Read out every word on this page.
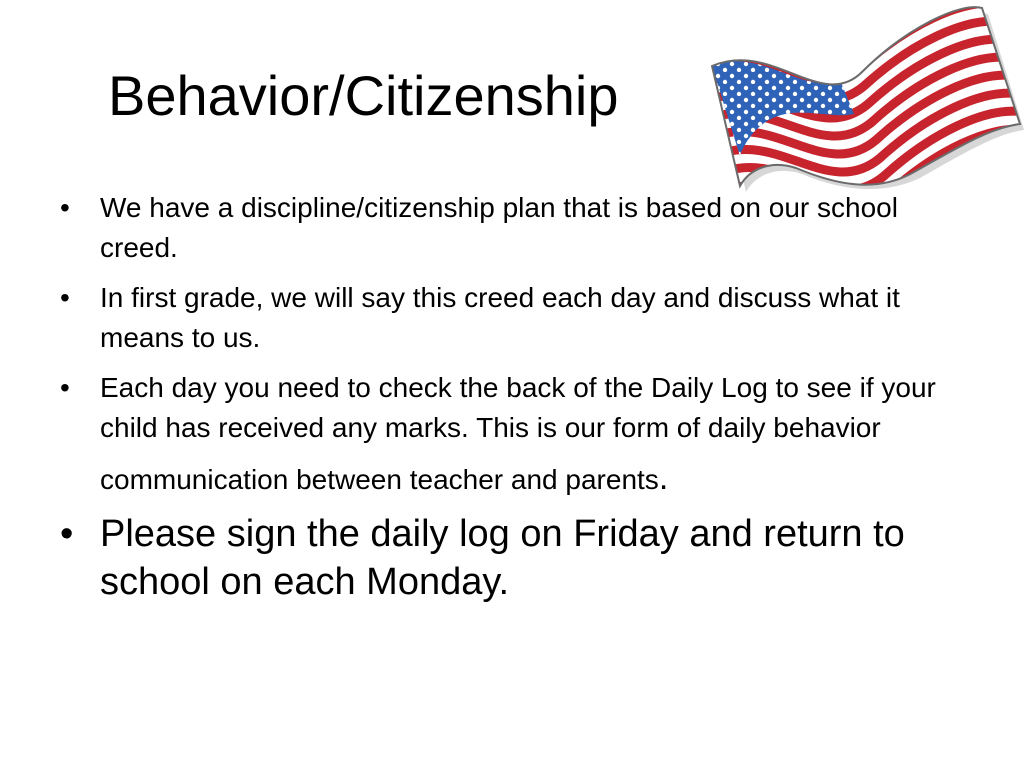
Behavior/Citizenship
• We have a discipline/citizenship plan that is based on our school creed.
• In first grade, we will say this creed each day and discuss what it means to us.
• Each day you need to check the back of the Daily Log to see if your child has received any marks. This is our form of daily behavior communication between teacher and parents.
• Please sign the daily log on Friday and return to school on each Monday.
